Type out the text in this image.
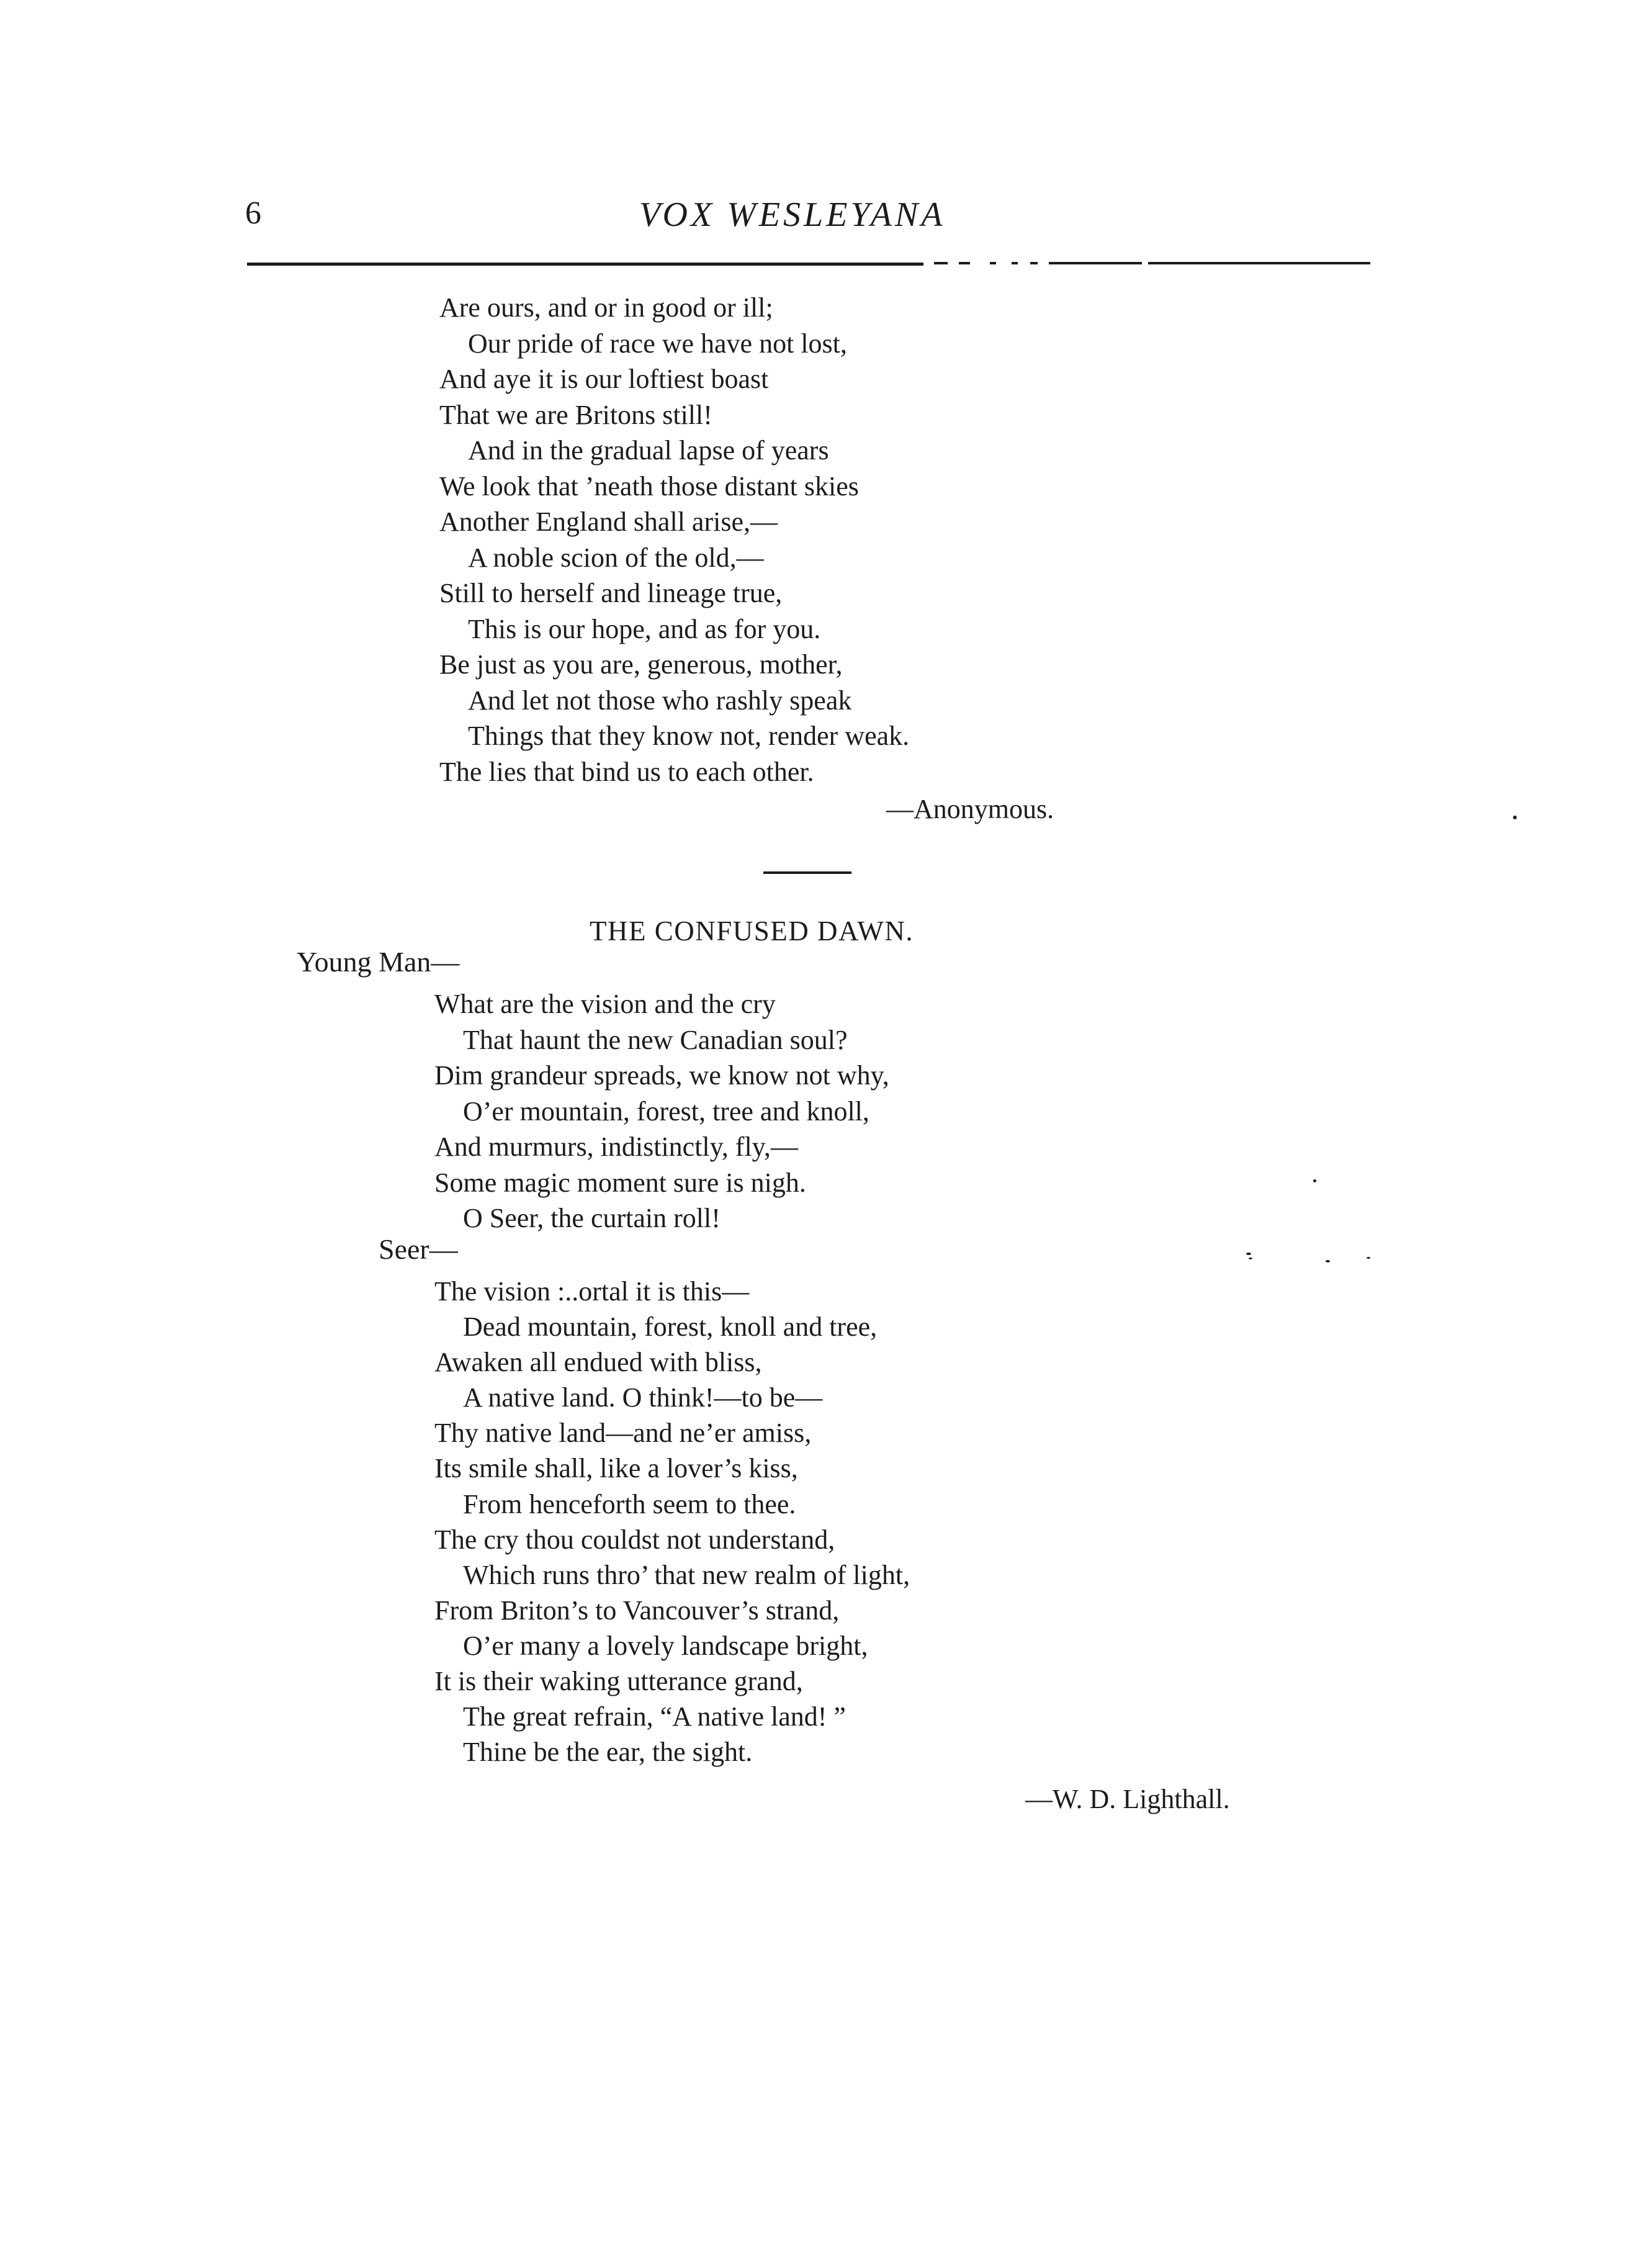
6	VOX WESLEYANA
Are ours, and or in good or ill;
Our pride of race we have not lost,
And aye it is our loftiest boast
That we are Britons still!
And in the gradual lapse of years
We look that ’neath those distant skies
Another England shall arise,—
A noble scion of the old,—
Still to herself and lineage true,
This is our hope, and as for you.
Be just as you are, generous, mother,
And let not those who rashly speak
Things that they know not, render weak.
The lies that bind us to each other.
—Anonymous.
THE CONFUSED DAWN.
Young Man—
What are the vision and the cry
That haunt the new Canadian soul?
Dim grandeur spreads, we know not why,
O’er mountain, forest, tree and knoll,
And murmurs, indistinctly, fly,—
Some magic moment sure is nigh.
O Seer, the curtain roll!
Seer—
The vision :..ortal it is this—
Dead mountain, forest, knoll and tree,
Awaken all endued with bliss,
A native land. O think!—to be—
Thy native land—and ne’er amiss,
Its smile shall, like a lover’s kiss,
From henceforth seem to thee.
The cry thou couldst not understand,
Which runs thro’ that new realm of light,
From Briton’s to Vancouver’s strand,
O’er many a lovely landscape bright,
It is their waking utterance grand,
The great refrain, “A native land! ”
Thine be the ear, the sight.
—W. D. Lighthall.
